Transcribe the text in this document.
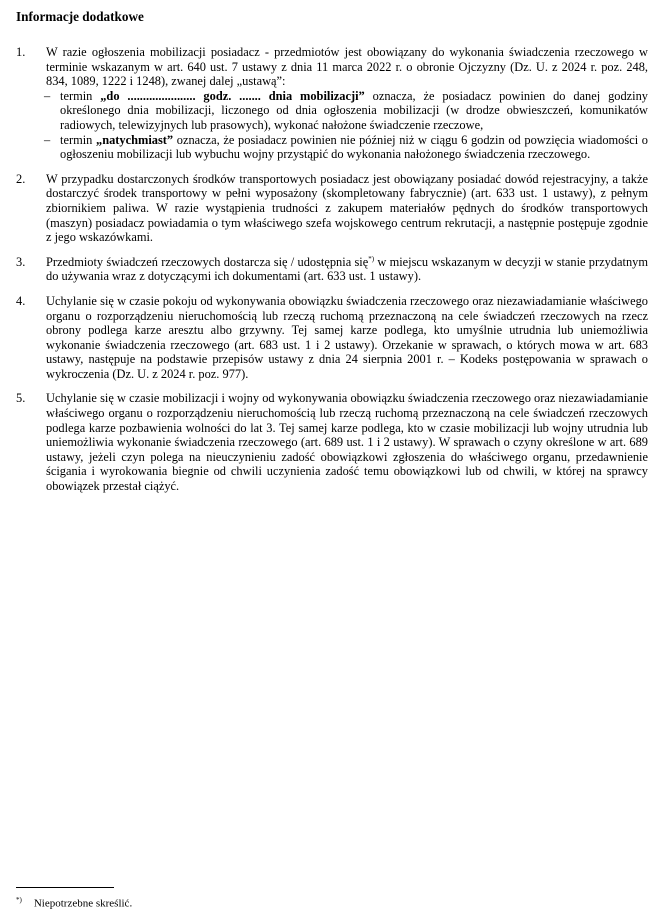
Informacje dodatkowe
1.	W razie ogłoszenia mobilizacji posiadacz - przedmiotów jest obowiązany do wykonania świadczenia rzeczowego w terminie wskazanym w art. 640 ust. 7 ustawy z dnia 11 marca 2022 r. o obronie Ojczyzny (Dz. U. z 2024 r. poz. 248, 834, 1089, 1222 i 1248), zwanej dalej „ustawą”:

– termin „do ...................... godz. ....... dnia mobilizacji” oznacza, że posiadacz powinien do danej godziny określonego dnia mobilizacji, liczonego od dnia ogłoszenia mobilizacji (w drodze obwieszczeń, komunikatów radiowych, telewizyjnych lub prasowych), wykonać nałożone świadczenie rzeczowe,
– termin „natychmiast” oznacza, że posiadacz powinien nie później niż w ciągu 6 godzin od powzięcia wiadomości o ogłoszeniu mobilizacji lub wybuchu wojny przystąpić do wykonania nałożonego świadczenia rzeczowego.
2.	W przypadku dostarczonych środków transportowych posiadacz jest obowiązany posiadać dowód rejestracyjny, a także dostarczyć środek transportowy w pełni wyposażony (skompletowany fabrycznie) (art. 633 ust. 1 ustawy), z pełnym zbiornikiem paliwa. W razie wystąpienia trudności z zakupem materiałów pędnych do środków transportowych (maszyn) posiadacz powiadamia o tym właściwego szefa wojskowego centrum rekrutacji, a następnie postępuje zgodnie z jego wskazówkami.

3.	Przedmioty świadczeń rzeczowych dostarcza się / udostępnia się*) w miejscu wskazanym w decyzji w stanie przydatnym do używania wraz z dotyczącymi ich dokumentami (art. 633 ust. 1 ustawy).

4.	Uchylanie się w czasie pokoju od wykonywania obowiązku świadczenia rzeczowego oraz niezawiadamianie właściwego organu o rozporządzeniu nieruchomością lub rzeczą ruchomą przeznaczoną na cele świadczeń rzeczowych na rzecz obrony podlega karze aresztu albo grzywny. Tej samej karze podlega, kto umyślnie utrudnia lub uniemożliwia wykonanie świadczenia rzeczowego (art. 683 ust. 1 i 2 ustawy). Orzekanie w sprawach, o których mowa w art. 683 ustawy, następuje na podstawie przepisów ustawy z dnia 24 sierpnia 2001 r. – Kodeks postępowania w sprawach o wykroczenia (Dz. U. z 2024 r. poz. 977).

5.	Uchylanie się w czasie mobilizacji i wojny od wykonywania obowiązku świadczenia rzeczowego oraz niezawiadamianie właściwego organu o rozporządzeniu nieruchomością lub rzeczą ruchomą przeznaczoną na cele świadczeń rzeczowych podlega karze pozbawienia wolności do lat 3. Tej samej karze podlega, kto w czasie mobilizacji lub wojny utrudnia lub uniemożliwia wykonanie świadczenia rzeczowego (art. 689 ust. 1 i 2 ustawy). W sprawach o czyny określone w art. 689 ustawy, jeżeli czyn polega na nieuczynieniu zadość obowiązkowi zgłoszenia do właściwego organu, przedawnienie ścigania i wyrokowania biegnie od chwili uczynienia zadość temu obowiązkowi lub od chwili, w której na sprawcy obowiązek przestał ciążyć.

*) Niepotrzebne skreślić.
